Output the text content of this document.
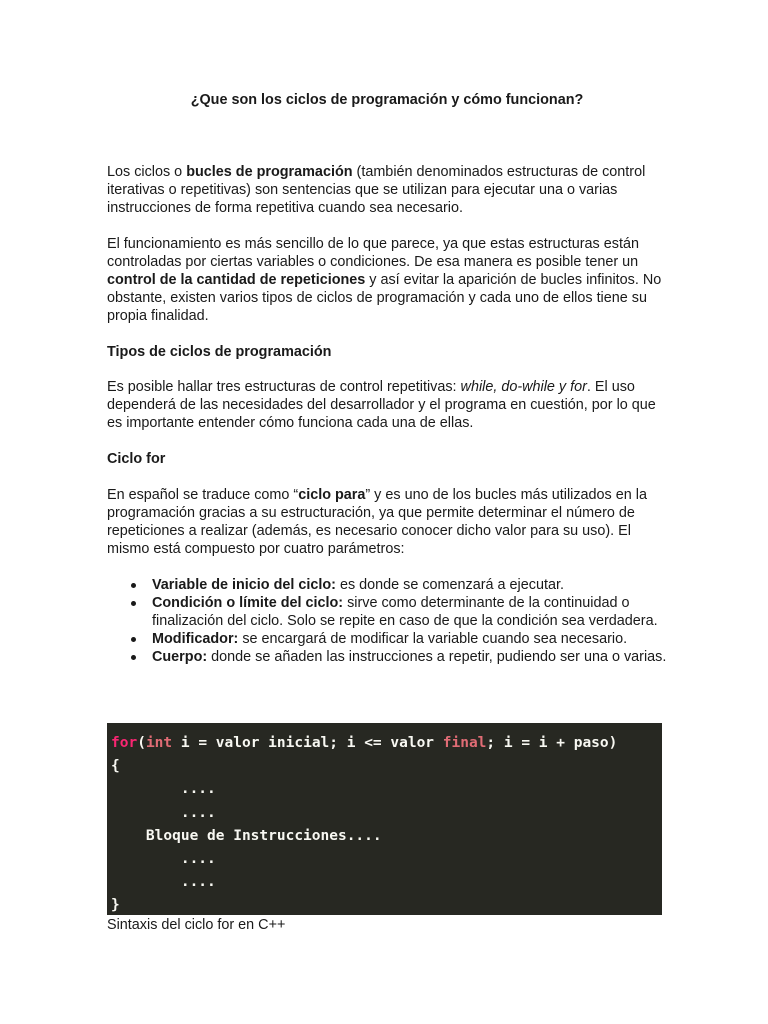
¿Que son los ciclos de programación y cómo funcionan?

Los ciclos o bucles de programación (también denominados estructuras de control iterativas o repetitivas) son sentencias que se utilizan para ejecutar una o varias instrucciones de forma repetitiva cuando sea necesario.

El funcionamiento es más sencillo de lo que parece, ya que estas estructuras están controladas por ciertas variables o condiciones. De esa manera es posible tener un control de la cantidad de repeticiones y así evitar la aparición de bucles infinitos. No obstante, existen varios tipos de ciclos de programación y cada uno de ellos tiene su propia finalidad.

Tipos de ciclos de programación

Es posible hallar tres estructuras de control repetitivas: while, do-while y for. El uso dependerá de las necesidades del desarrollador y el programa en cuestión, por lo que es importante entender cómo funciona cada una de ellas.

Ciclo for

En español se traduce como “ciclo para” y es uno de los bucles más utilizados en la programación gracias a su estructuración, ya que permite determinar el número de repeticiones a realizar (además, es necesario conocer dicho valor para su uso). El mismo está compuesto por cuatro parámetros:

Variable de inicio del ciclo: es donde se comenzará a ejecutar.
Condición o límite del ciclo: sirve como determinante de la continuidad o finalización del ciclo. Solo se repite en caso de que la condición sea verdadera.
Modificador: se encargará de modificar la variable cuando sea necesario.
Cuerpo: donde se añaden las instrucciones a repetir, pudiendo ser una o varias.
for(int i = valor inicial; i <= valor final; i = i + paso)
{
....
....
Bloque de Instrucciones....
....
....
}
Sintaxis del ciclo for en C++
